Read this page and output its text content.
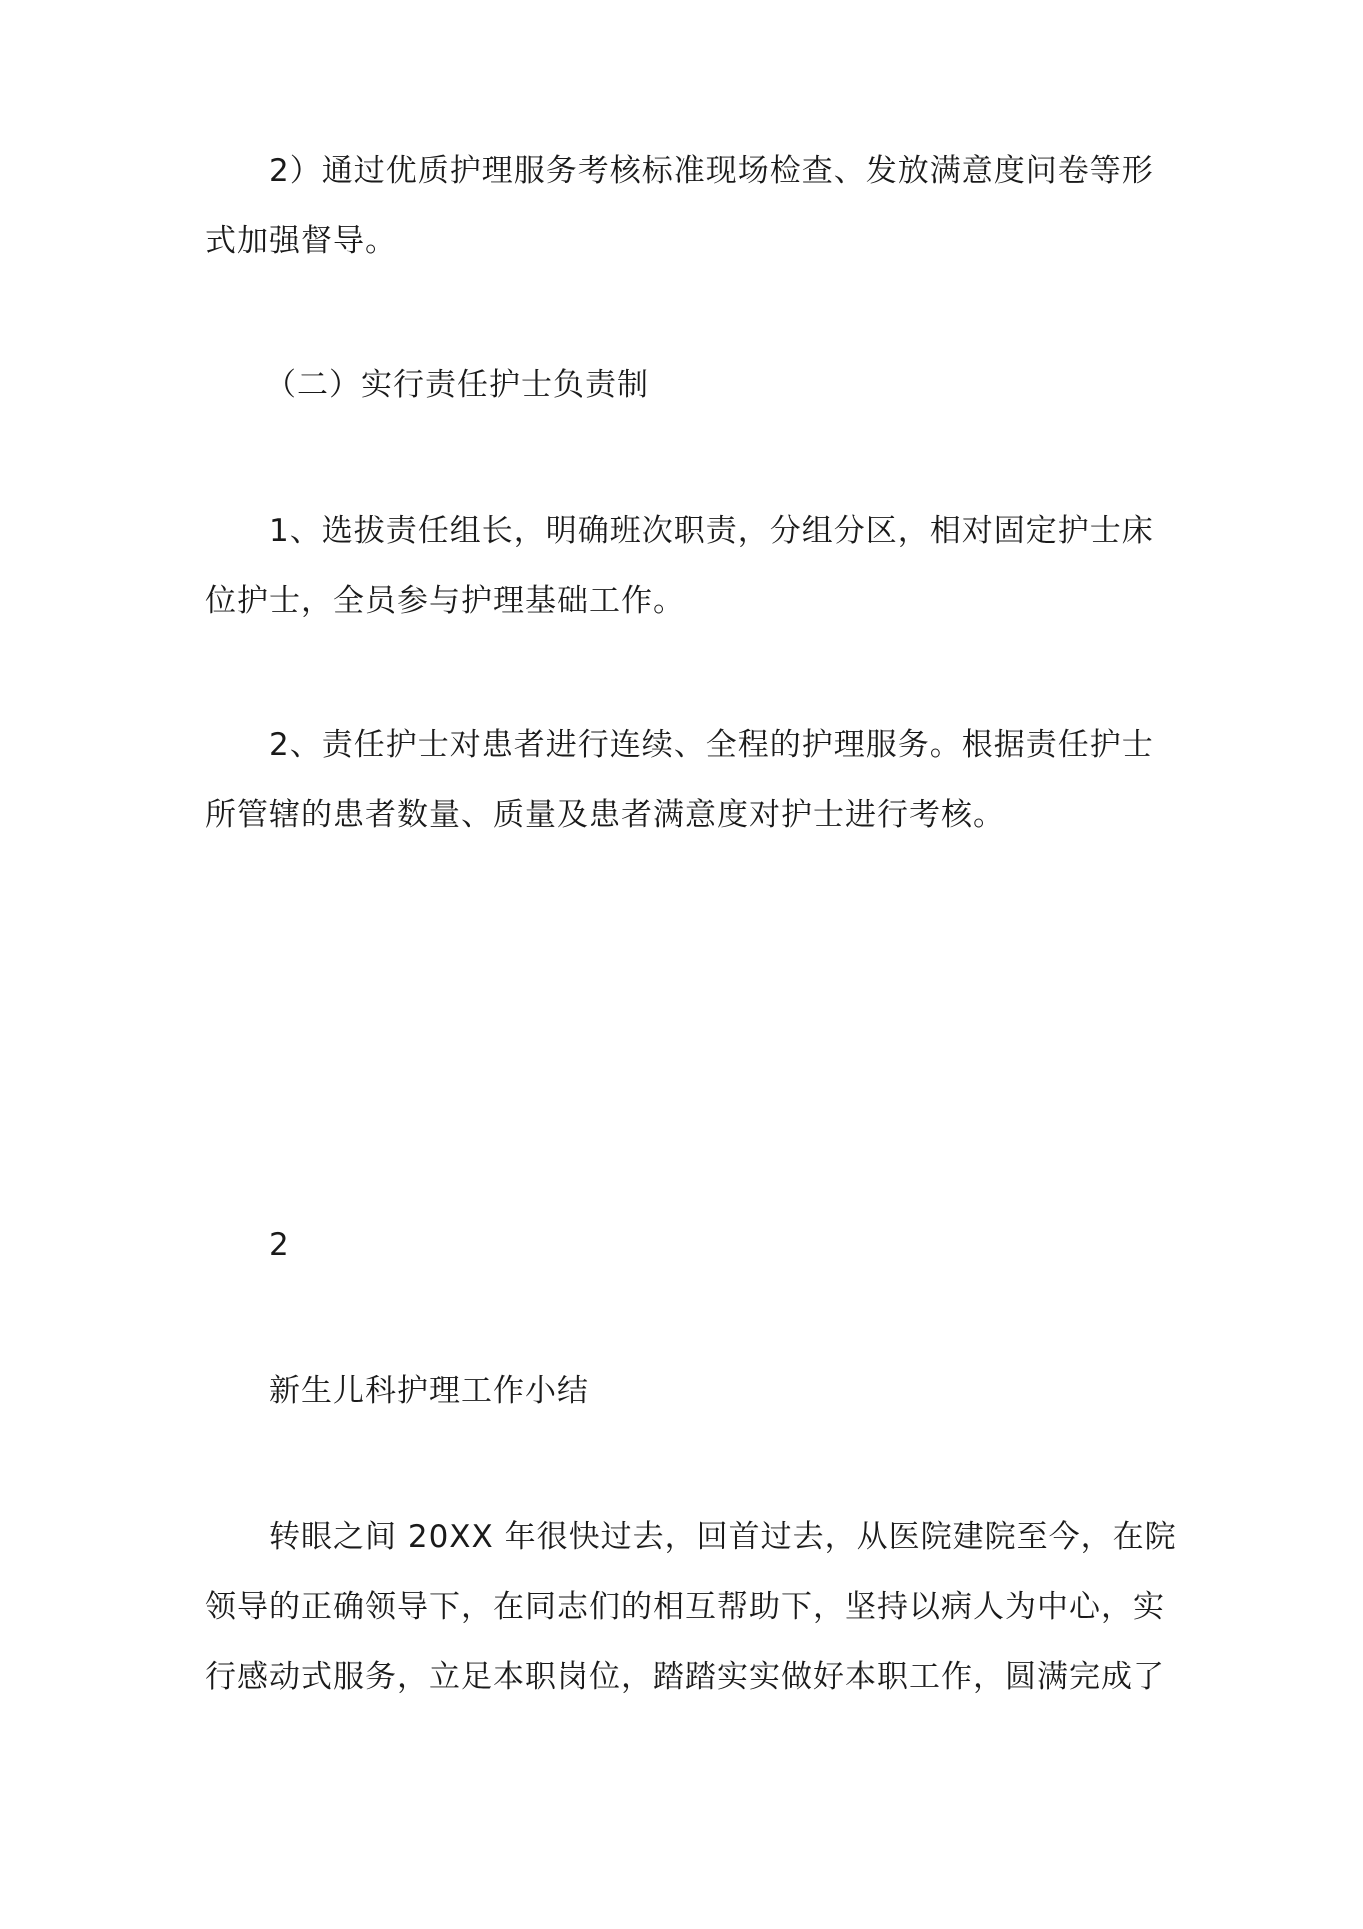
2）通过优质护理服务考核标准现场检查、发放满意度问卷等形
式加强督导。

（二）实行责任护士负责制

1、选拔责任组长，明确班次职责，分组分区，相对固定护士床
位护士，全员参与护理基础工作。

2、责任护士对患者进行连续、全程的护理服务。根据责任护士
所管辖的患者数量、质量及患者满意度对护士进行考核。

2

新生儿科护理工作小结

转眼之间 20XX 年很快过去，回首过去，从医院建院至今，在院
领导的正确领导下，在同志们的相互帮助下，坚持以病人为中心，实
行感动式服务，立足本职岗位，踏踏实实做好本职工作，圆满完成了
